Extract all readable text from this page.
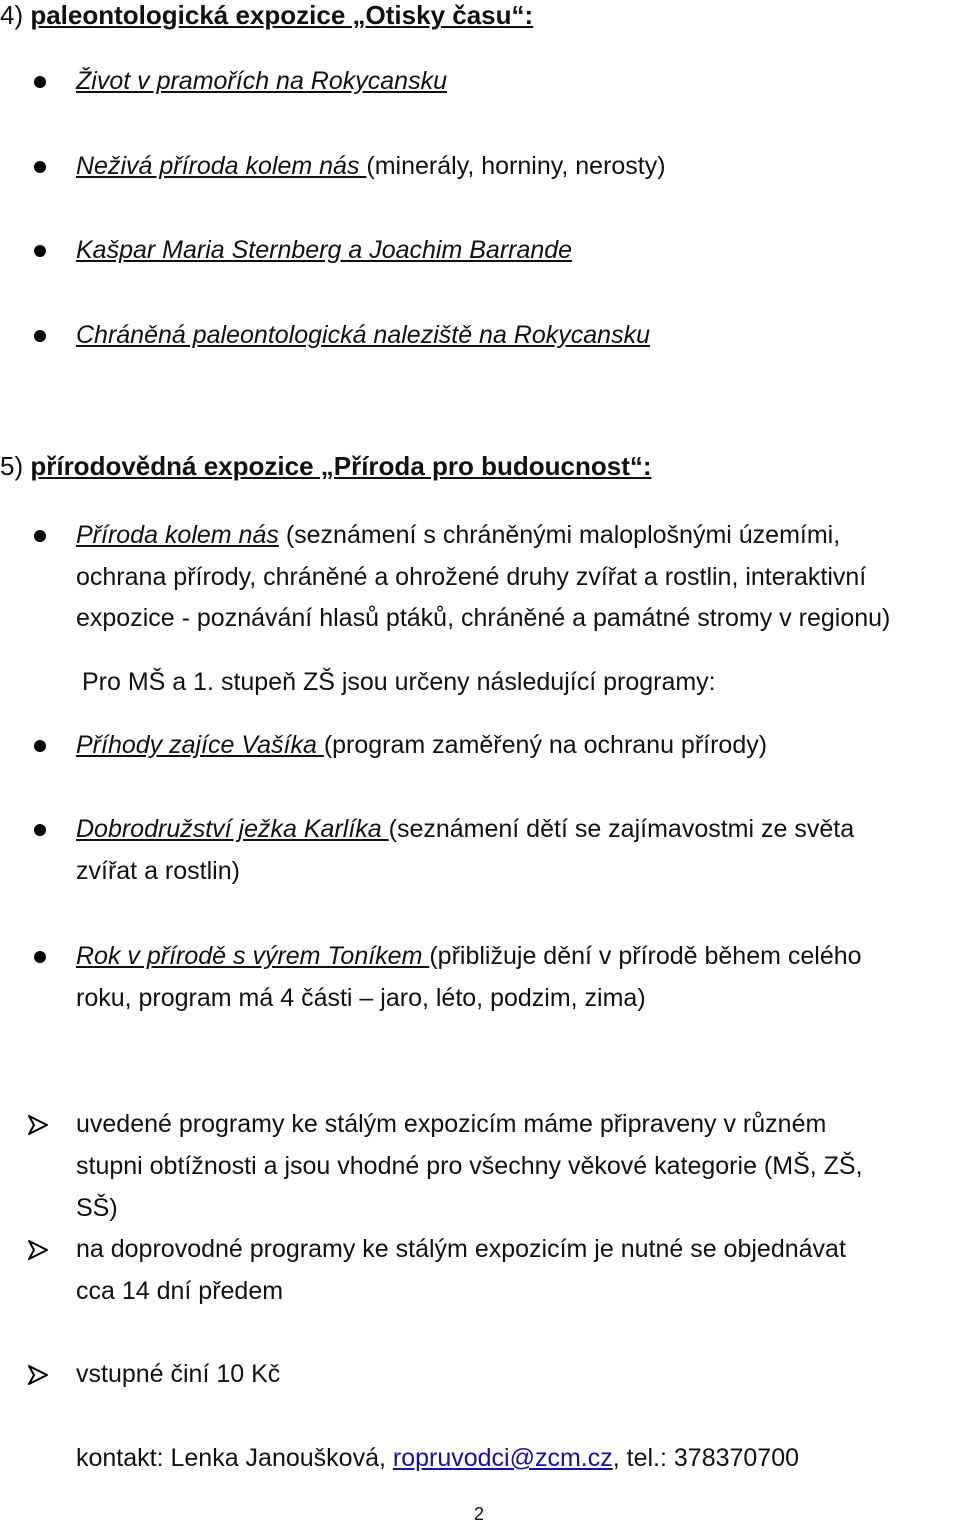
4) paleontologická expozice „Otisky času“:
Život v pramořích na Rokycansku
Neživá příroda kolem nás (minerály, horniny, nerosty)
Kašpar Maria Sternberg a Joachim Barrande
Chráněná paleontologická naleziště na Rokycansku
5) přírodovědná expozice „Příroda pro budoucnost“:
Příroda kolem nás (seznámení s chráněnými maloplošnými územími,
ochrana přírody, chráněné a ohrožené druhy zvířat a rostlin, interaktivní
expozice - poznávání hlasů ptáků, chráněné a památné stromy v regionu)
Pro MŠ a 1. stupeň ZŠ jsou určeny následující programy:
Příhody zajíce Vašíka (program zaměřený na ochranu přírody)
Dobrodružství ježka Karlíka (seznámení dětí se zajímavostmi ze světa
zvířat a rostlin)
Rok v přírodě s výrem Toníkem (přibližuje dění v přírodě během celého
roku, program má 4 části – jaro, léto, podzim, zima)
uvedené programy ke stálým expozicím máme připraveny v různém
stupni obtížnosti a jsou vhodné pro všechny věkové kategorie (MŠ, ZŠ,
SŠ)
na doprovodné programy ke stálým expozicím je nutné se objednávat
cca 14 dní předem
vstupné činí 10 Kč
kontakt: Lenka Janoušková, ropruvodci@zcm.cz, tel.: 378370700
2
